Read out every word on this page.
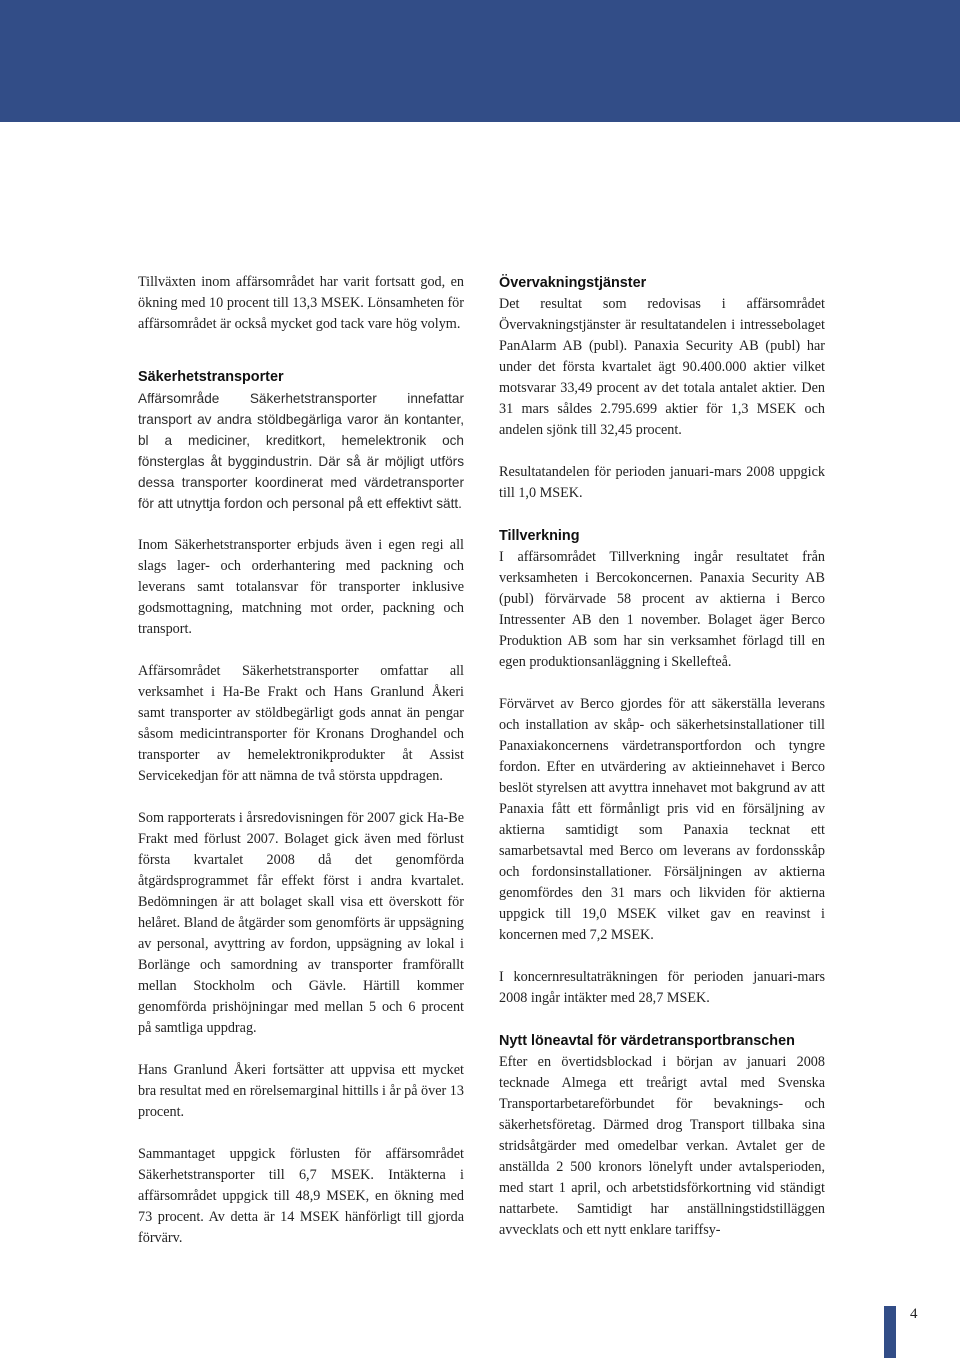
Tillväxten inom affärsområdet har varit fortsatt god, en ökning med 10 procent till 13,3 MSEK. Lönsamheten för affärsområdet är också mycket god tack vare hög volym.

Säkerhetstransporter

Affärsområde Säkerhetstransporter innefattar transport av andra stöldbegärliga varor än kontanter, bl a mediciner, kreditkort, hemelektronik och fönsterglas åt byggindustrin. Där så är möjligt utförs dessa transporter koordinerat med värdetransporter för att utnyttja fordon och personal på ett effektivt sätt.

Inom Säkerhetstransporter erbjuds även i egen regi all slags lager- och orderhantering med packning och leverans samt totalansvar för transporter inklusive godsmottagning, matchning mot order, packning och transport.

Affärsområdet Säkerhetstransporter omfattar all verksamhet i Ha-Be Frakt och Hans Granlund Åkeri samt transporter av stöldbegärligt gods annat än pengar såsom medicintransporter för Kronans Droghandel och transporter av hemelektronikprodukter åt Assist Servicekedjan för att nämna de två största uppdragen.

Som rapporterats i årsredovisningen för 2007 gick Ha-Be Frakt med förlust 2007. Bolaget gick även med förlust första kvartalet 2008 då det genomförda åtgärdsprogrammet får effekt först i andra kvartalet. Bedömningen är att bolaget skall visa ett överskott för helåret. Bland de åtgärder som genomförts är uppsägning av personal, avyttring av fordon, uppsägning av lokal i Borlänge och samordning av transporter framförallt mellan Stockholm och Gävle. Härtill kommer genomförda prishöjningar med mellan 5 och 6 procent på samtliga uppdrag.

Hans Granlund Åkeri fortsätter att uppvisa ett mycket bra resultat med en rörelsemarginal hittills i år på över 13 procent.

Sammantaget uppgick förlusten för affärsområdet Säkerhetstransporter till 6,7 MSEK. Intäkterna i affärsområdet uppgick till 48,9 MSEK, en ökning med 73 procent. Av detta är 14 MSEK hänförligt till gjorda förvärv.

Övervakningstjänster

Det resultat som redovisas i affärsområdet Övervakningstjänster är resultatandelen i intressebolaget PanAlarm AB (publ). Panaxia Security AB (publ) har under det första kvartalet ägt 90.400.000 aktier vilket motsvarar 33,49 procent av det totala antalet aktier. Den 31 mars såldes 2.795.699 aktier för 1,3 MSEK och andelen sjönk till 32,45 procent.

Resultatandelen för perioden januari-mars 2008 uppgick till 1,0 MSEK.

Tillverkning

I affärsområdet Tillverkning ingår resultatet från verksamheten i Bercokoncernen. Panaxia Security AB (publ) förvärvade 58 procent av aktierna i Berco Intressenter AB den 1 november. Bolaget äger Berco Produktion AB som har sin verksamhet förlagd till en egen produktionsanläggning i Skellefteå.

Förvärvet av Berco gjordes för att säkerställa leverans och installation av skåp- och säkerhetsinstallationer till Panaxiakoncernens värdetransportfordon och tyngre fordon. Efter en utvärdering av aktieinnehavet i Berco beslöt styrelsen att avyttra innehavet mot bakgrund av att Panaxia fått ett förmånligt pris vid en försäljning av aktierna samtidigt som Panaxia tecknat ett samarbetsavtal med Berco om leverans av fordonsskåp och fordonsinstallationer. Försäljningen av aktierna genomfördes den 31 mars och likviden för aktierna uppgick till 19,0 MSEK vilket gav en reavinst i koncernen med 7,2 MSEK.

I koncernresultaträkningen för perioden januari-mars 2008 ingår intäkter med 28,7 MSEK.

Nytt löneavtal för värdetransportbranschen

Efter en övertidsblockad i början av januari 2008 tecknade Almega ett treårigt avtal med Svenska Transportarbetareförbundet för bevaknings- och säkerhetsföretag. Därmed drog Transport tillbaka sina stridsåtgärder med omedelbar verkan. Avtalet ger de anställda 2 500 kronors lönelyft under avtalsperioden, med start 1 april, och arbetstidsförkortning vid ständigt nattarbete. Samtidigt har anställningstidstilläggen avvecklats och ett nytt enklare tariffsy-

4
